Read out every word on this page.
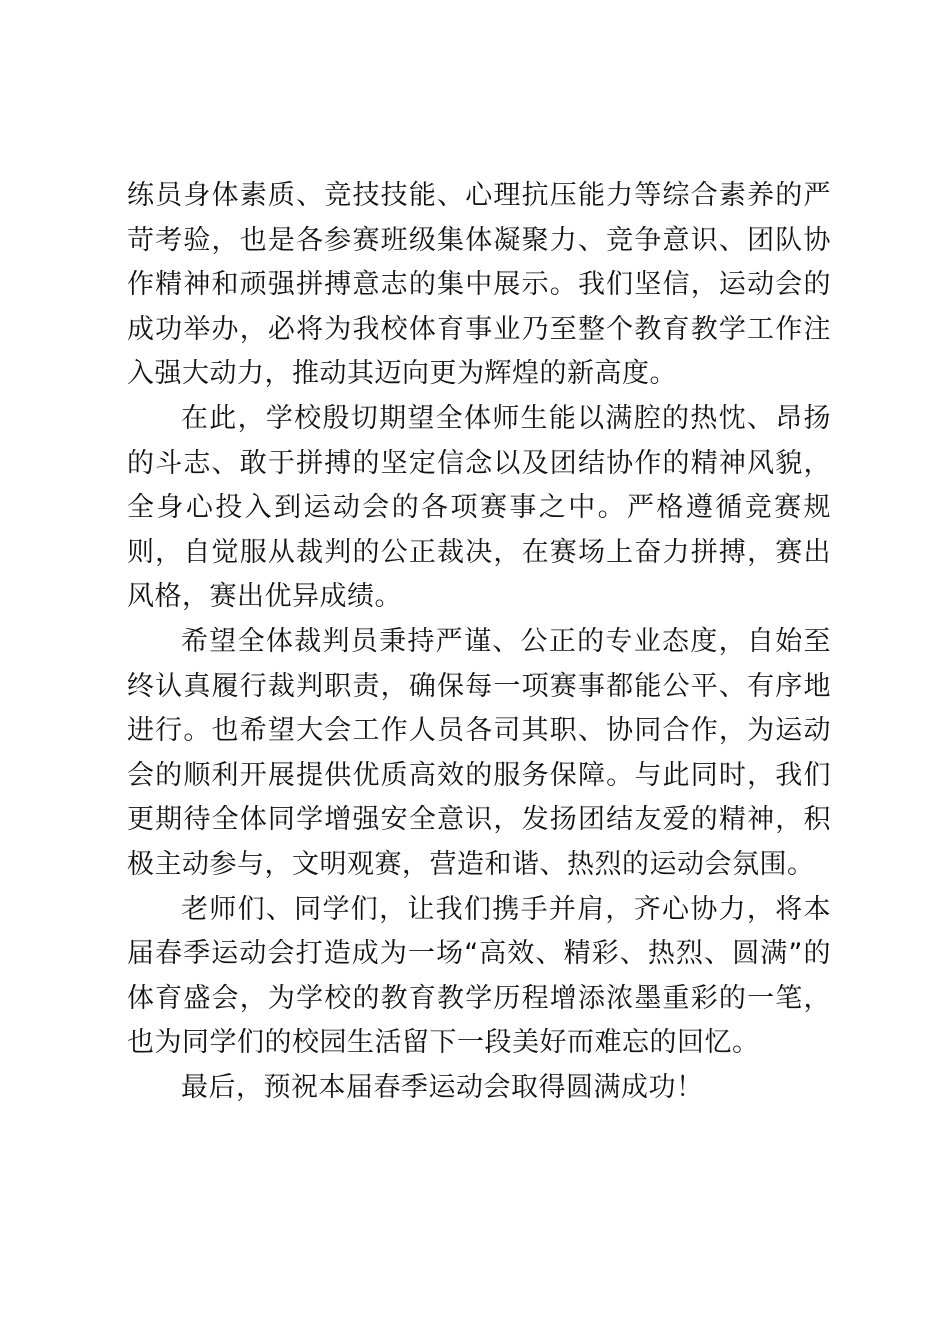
练员身体素质、竞技技能、心理抗压能力等综合素养的严苛考验，也是各参赛班级集体凝聚力、竞争意识、团队协作精神和顽强拼搏意志的集中展示。我们坚信，运动会的成功举办，必将为我校体育事业乃至整个教育教学工作注入强大动力，推动其迈向更为辉煌的新高度。

在此，学校殷切期望全体师生能以满腔的热忱、昂扬的斗志、敢于拼搏的坚定信念以及团结协作的精神风貌，全身心投入到运动会的各项赛事之中。严格遵循竞赛规则，自觉服从裁判的公正裁决，在赛场上奋力拼搏，赛出风格，赛出优异成绩。

希望全体裁判员秉持严谨、公正的专业态度，自始至终认真履行裁判职责，确保每一项赛事都能公平、有序地进行。也希望大会工作人员各司其职、协同合作，为运动会的顺利开展提供优质高效的服务保障。与此同时，我们更期待全体同学增强安全意识，发扬团结友爱的精神，积极主动参与，文明观赛，营造和谐、热烈的运动会氛围。

老师们、同学们，让我们携手并肩，齐心协力，将本届春季运动会打造成为一场“高效、精彩、热烈、圆满”的体育盛会，为学校的教育教学历程增添浓墨重彩的一笔，也为同学们的校园生活留下一段美好而难忘的回忆。

最后，预祝本届春季运动会取得圆满成功！
